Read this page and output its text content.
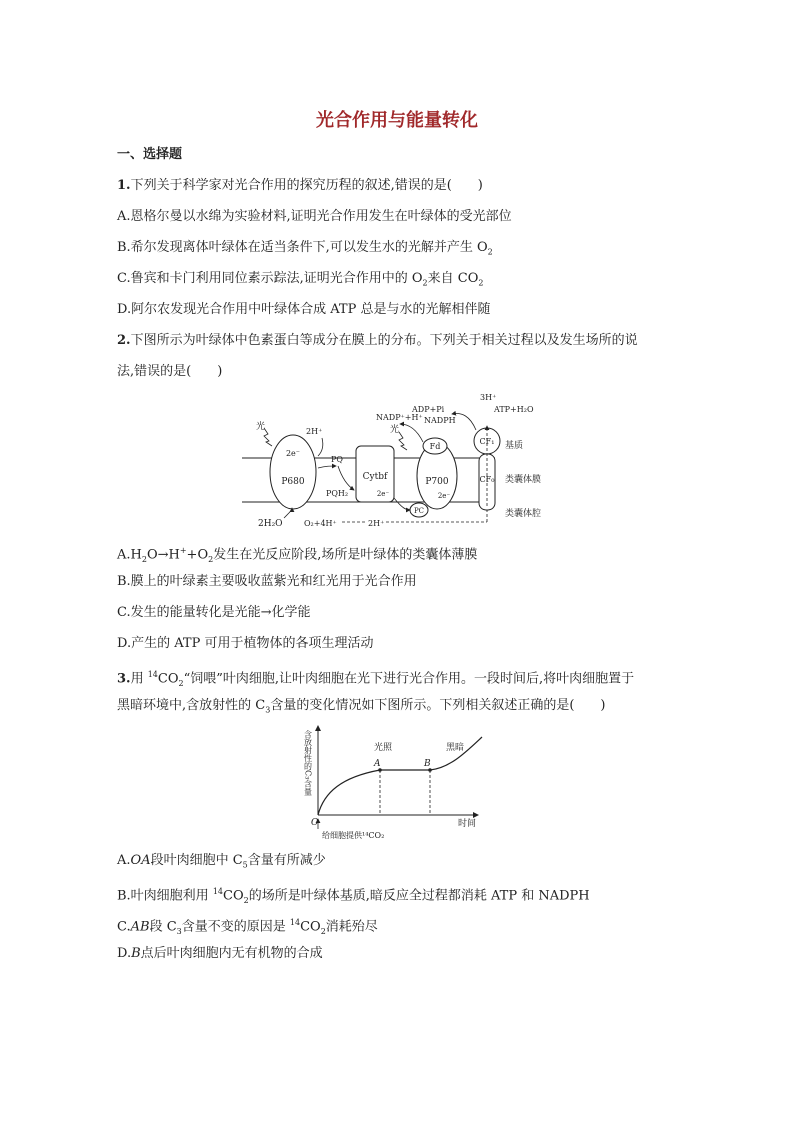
光合作用与能量转化
一、选择题
1.下列关于科学家对光合作用的探究历程的叙述,错误的是(　　)
A.恩格尔曼以水绵为实验材料,证明光合作用发生在叶绿体的受光部位
B.希尔发现离体叶绿体在适当条件下,可以发生水的光解并产生 $O_2$
C.鲁宾和卡门利用同位素示踪法,证明光合作用中的 $O_2$来自 $CO_2$
D.阿尔农发现光合作用中叶绿体合成 ATP 总是与水的光解相伴随
2.下图所示为叶绿体中色素蛋白等成分在膜上的分布。下列关于相关过程以及发生场所的说
法,错误的是(　　)
2e⁻
P680	Cytbf
2e⁻
PQ
PQH₂
P700
2e⁻
Fd
PC
CF₁
CF₀
光	光
2H⁺
NADP⁺+H⁺
ADP+Pi
NADPH
3H⁺
ATP+H₂O
基质
类囊体膜
类囊体腔
2H₂O	O₂+4H⁺	2H⁺
$A.H_2O\to H^++O_2$发生在光反应阶段,场所是叶绿体的类囊体薄膜
B.膜上的叶绿素主要吸收蓝紫光和红光用于光合作用
C.发生的能量转化是光能→化学能
D.产生的 ATP 可用于植物体的各项生理活动
3.用 $^{14}CO_2“$饲喂”叶肉细胞,让叶肉细胞在光下进行光合作用。一段时间后,将叶肉细胞置于
黑暗环境中,含放射性的 $C_3$含量的变化情况如下图所示。下列相关叙述正确的是(　　)
含放射性的C₃含量
时间
O
A	B
光照	黑暗
给细胞提供¹⁴CO₂
A.OA段叶肉细胞中 $C_5$含量有所减少
B.叶肉细胞利用 $^{14}CO_2$的场所是叶绿体基质,暗反应全过程都消耗 ATP 和 NADPH
C.AB段 $C_3$含量不变的原因是 $^{14}CO_2$消耗殆尽
D.B点后叶肉细胞内无有机物的合成
